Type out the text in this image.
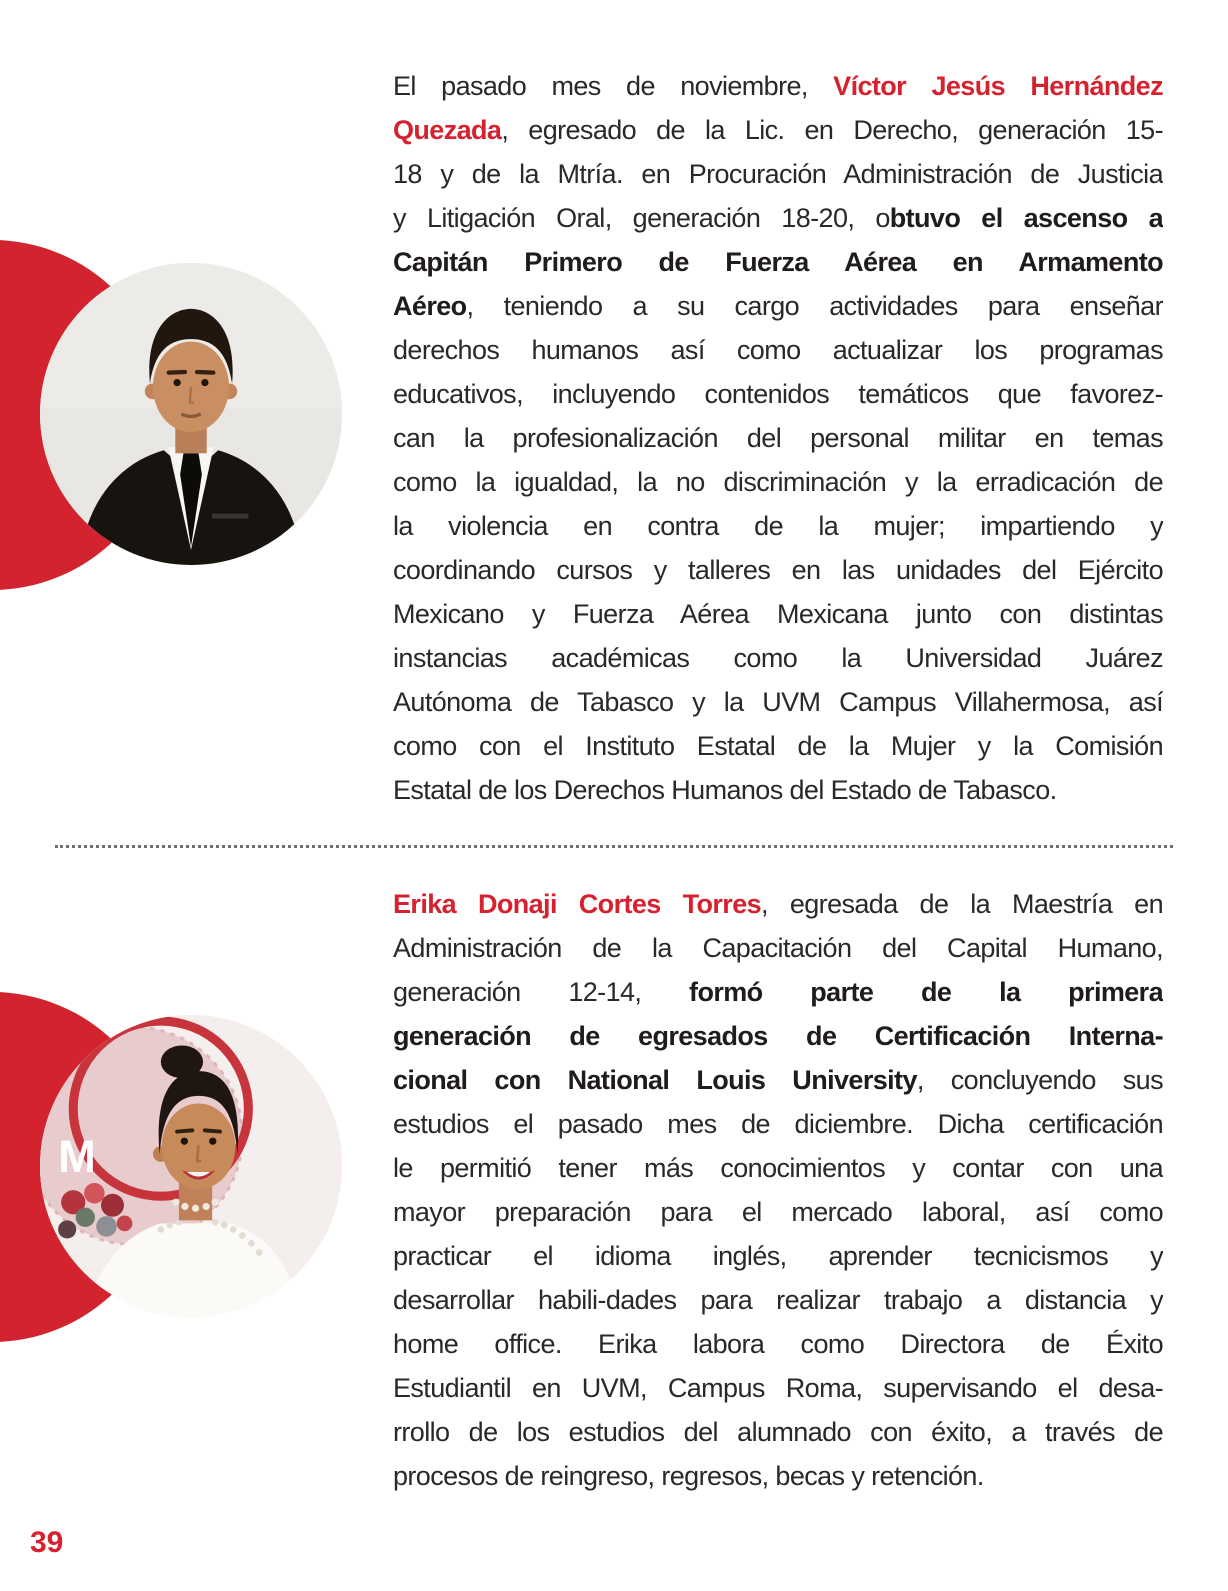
El pasado mes de noviembre, Víctor Jesús Hernández
Quezada, egresado de la Lic. en Derecho, generación 15-
18 y de la Mtría. en Procuración Administración de Justicia
y Litigación Oral, generación 18-20, obtuvo el ascenso a
Capitán Primero de Fuerza Aérea en Armamento
Aéreo, teniendo a su cargo actividades para enseñar
derechos humanos así como actualizar los programas
educativos, incluyendo contenidos temáticos que favorez-
can la profesionalización del personal militar en temas
como la igualdad, la no discriminación y la erradicación de
la violencia en contra de la mujer; impartiendo y
coordinando cursos y talleres en las unidades del Ejército
Mexicano y Fuerza Aérea Mexicana junto con distintas
instancias académicas como la Universidad Juárez
Autónoma de Tabasco y la UVM Campus Villahermosa, así
como con el Instituto Estatal de la Mujer y la Comisión
Estatal de los Derechos Humanos del Estado de Tabasco.
M
Erika Donaji Cortes Torres, egresada de la Maestría en
Administración de la Capacitación del Capital Humano,
generación 12-14, formó parte de la primera
generación de egresados de Certificación Interna-
cional con National Louis University, concluyendo sus
estudios el pasado mes de diciembre. Dicha certificación
le permitió tener más conocimientos y contar con una
mayor preparación para el mercado laboral, así como
practicar el idioma inglés, aprender tecnicismos y
desarrollar habili-dades para realizar trabajo a distancia y
home office. Erika labora como Directora de Éxito
Estudiantil en UVM, Campus Roma, supervisando el desa-
rrollo de los estudios del alumnado con éxito, a través de
procesos de reingreso, regresos, becas y retención.
39
